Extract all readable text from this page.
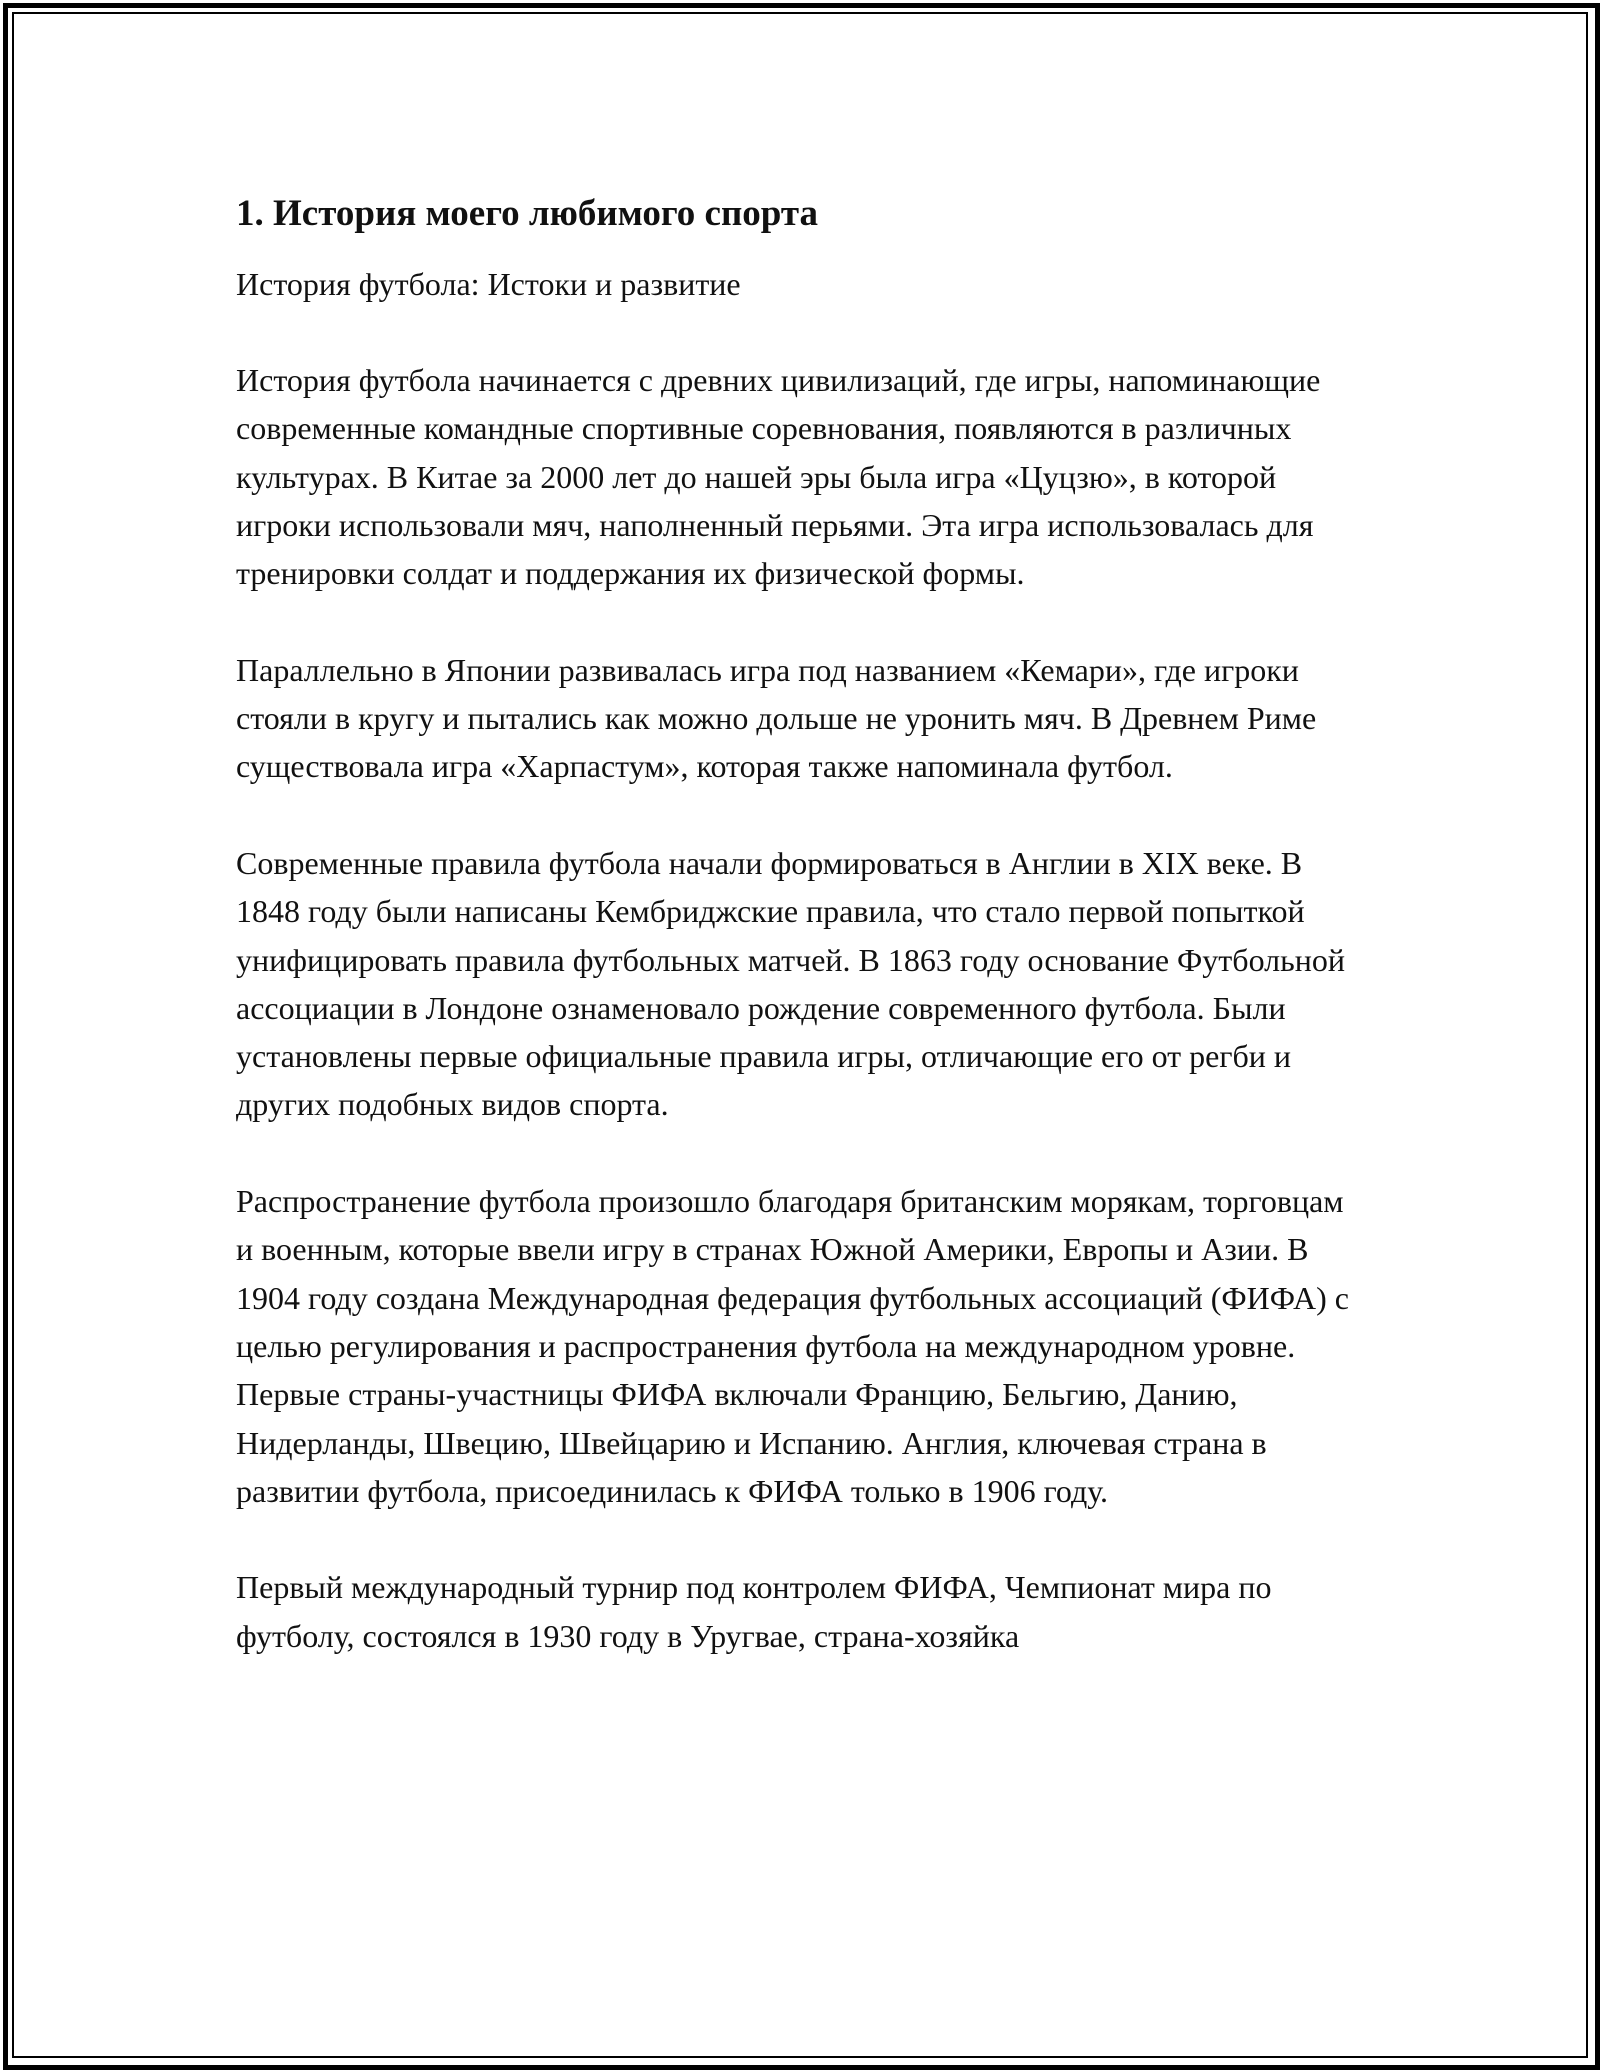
1. История моего любимого спорта
История футбола: Истоки и развитие
История футбола начинается с древних цивилизаций, где игры, напоминающие современные командные спортивные соревнования, появляются в различных культурах. В Китае за 2000 лет до нашей эры была игра «Цуцзю», в которой игроки использовали мяч, наполненный перьями. Эта игра использовалась для тренировки солдат и поддержания их физической формы.
Параллельно в Японии развивалась игра под названием «Кемари», где игроки стояли в кругу и пытались как можно дольше не уронить мяч. В Древнем Риме существовала игра «Харпастум», которая также напоминала футбол.
Современные правила футбола начали формироваться в Англии в XIX веке. В 1848 году были написаны Кембриджские правила, что стало первой попыткой унифицировать правила футбольных матчей. В 1863 году основание Футбольной ассоциации в Лондоне ознаменовало рождение современного футбола. Были установлены первые официальные правила игры, отличающие его от регби и других подобных видов спорта.
Распространение футбола произошло благодаря британским морякам, торговцам и военным, которые ввели игру в странах Южной Америки, Европы и Азии. В 1904 году создана Международная федерация футбольных ассоциаций (ФИФА) с целью регулирования и распространения футбола на международном уровне. Первые страны-участницы ФИФА включали Францию, Бельгию, Данию, Нидерланды, Швецию, Швейцарию и Испанию. Англия, ключевая страна в развитии футбола, присоединилась к ФИФА только в 1906 году.
Первый международный турнир под контролем ФИФА, Чемпионат мира по футболу, состоялся в 1930 году в Уругвае, страна-хозяйка
